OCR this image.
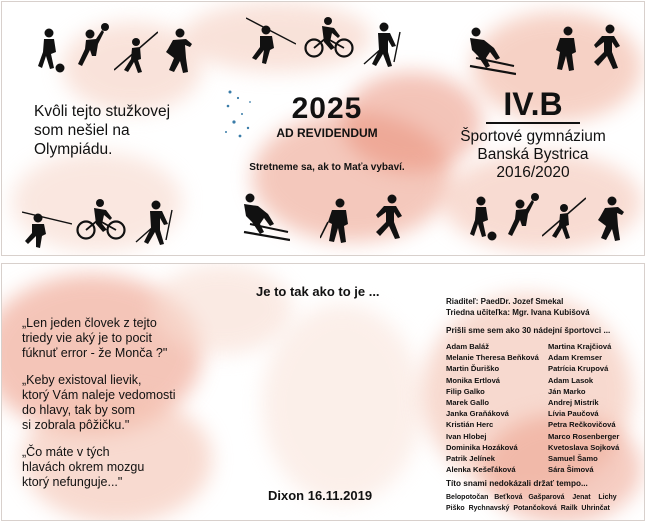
Kvôli tejto stužkovej
som nešiel na
Olympiádu.
2025
AD REVIDENDUM
Stretneme sa, ak to Maťa vybaví.
IV.B
Športové gymnázium
Banská Bystrica
2016/2020
Je to tak ako to je ...
„Len jeden človek z tejto
triedy vie aký je to pocit
fúknuť error - že Monča ?"
„Keby existoval lievik,
ktorý Vám naleje vedomosti
do hlavy, tak by som
si zobrala pôžičku."
„Čo máte v tých
hlavách okrem mozgu
ktorý nefunguje..."
Dixon 16.11.2019
Riaditeľ: PaedDr. Jozef Smekal
Triedna učiteľka: Mgr. Ivana Kubišová
Prišli sme sem ako 30 nádejní športovci ...
Adam Baláž
Melanie Theresa Beňková
Martin Ďuriško
Monika Ertlová
Filip Galko
Marek Gallo
Janka Graňáková
Kristián Herc
Ivan Hlobej
Dominika Hozáková
Patrik Jelínek
Alenka Kešeľáková
Martina Krajčiová
Adam Kremser
Patrícia Krupová
Adam Lasok
Ján Marko
Andrej Mistrík
Lívia Paučová
Petra Rečkovičová
Marco Rosenberger
Kvetoslava Sojková
Samuel Šamo
Sára Šimová
Títo snami nedokázali držať tempo...
Belopotočan Beťková Gašparová Jenat Lichy
Piško Rychnavský Potančoková Railk Uhrinčat
